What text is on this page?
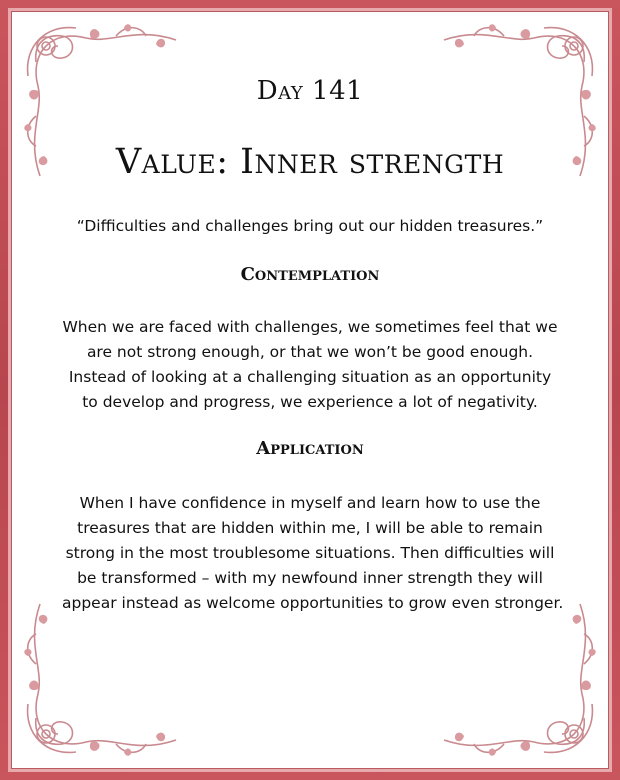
Day 141
Value: Inner strength
“Difficulties and challenges bring out our hidden treasures.”
Contemplation
When we are faced with challenges, we sometimes feel that we
are not strong enough, or that we won’t be good enough.
Instead of looking at a challenging situation as an opportunity
to develop and progress, we experience a lot of negativity.
Application
When I have confidence in myself and learn how to use the
treasures that are hidden within me, I will be able to remain
strong in the most troublesome situations. Then difficulties will
be transformed – with my newfound inner strength they will
appear instead as welcome opportunities to grow even stronger.
